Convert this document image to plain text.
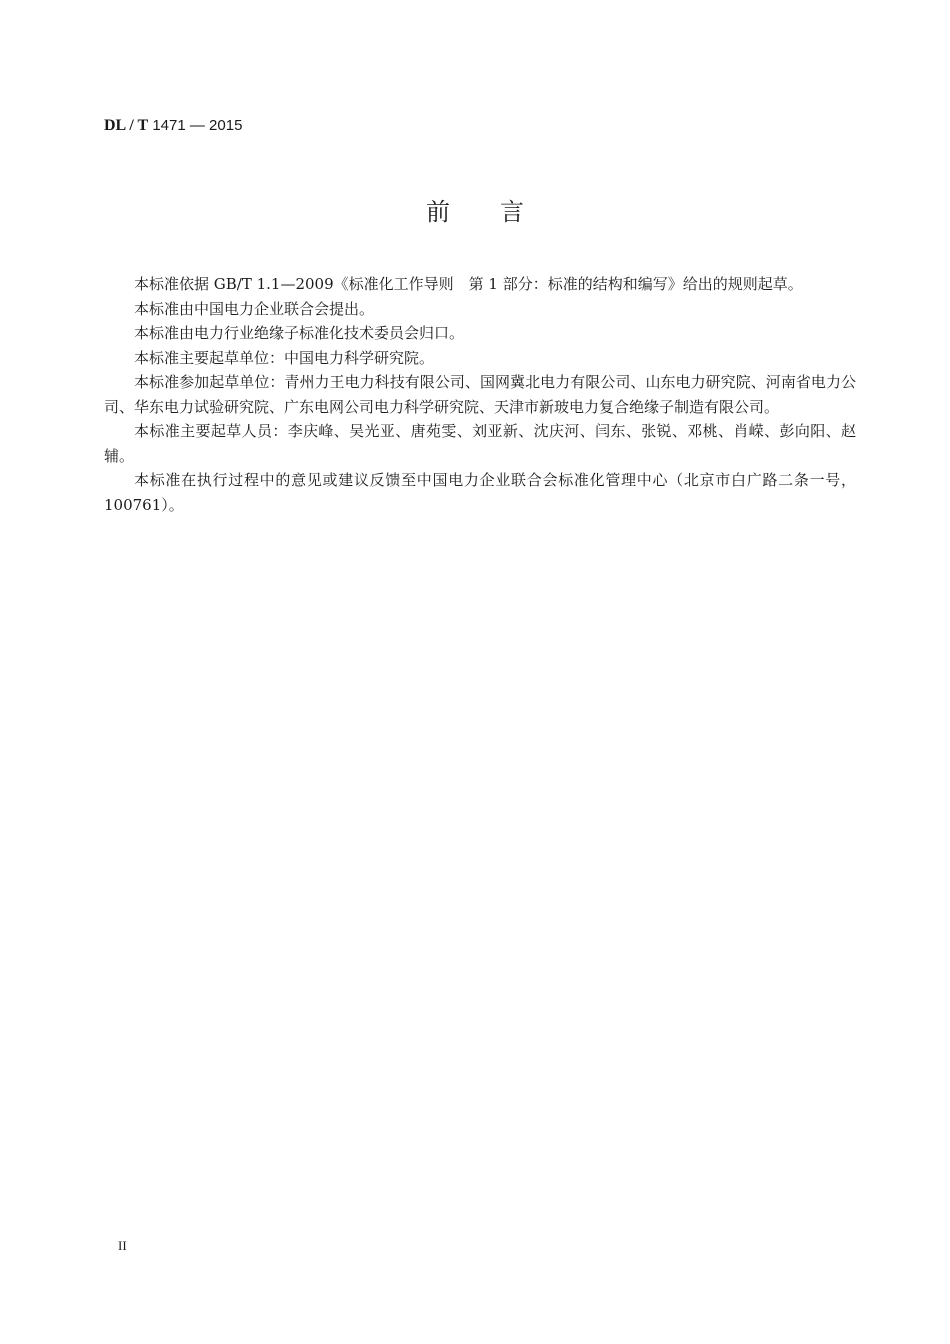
DL / T 1471 — 2015
前 言

本标准依据 GB/T 1.1—2009《标准化工作导则　第 1 部分：标准的结构和编写》给出的规则起草。

本标准由中国电力企业联合会提出。

本标准由电力行业绝缘子标准化技术委员会归口。

本标准主要起草单位：中国电力科学研究院。

本标准参加起草单位：青州力王电力科技有限公司、国网冀北电力有限公司、山东电力研究院、河南省电力公司、华东电力试验研究院、广东电网公司电力科学研究院、天津市新玻电力复合绝缘子制造有限公司。

本标准主要起草人员：李庆峰、吴光亚、唐苑雯、刘亚新、沈庆河、闫东、张锐、邓桃、肖嵘、彭向阳、赵辅。

本标准在执行过程中的意见或建议反馈至中国电力企业联合会标准化管理中心（北京市白广路二条一号，100761）。

II
